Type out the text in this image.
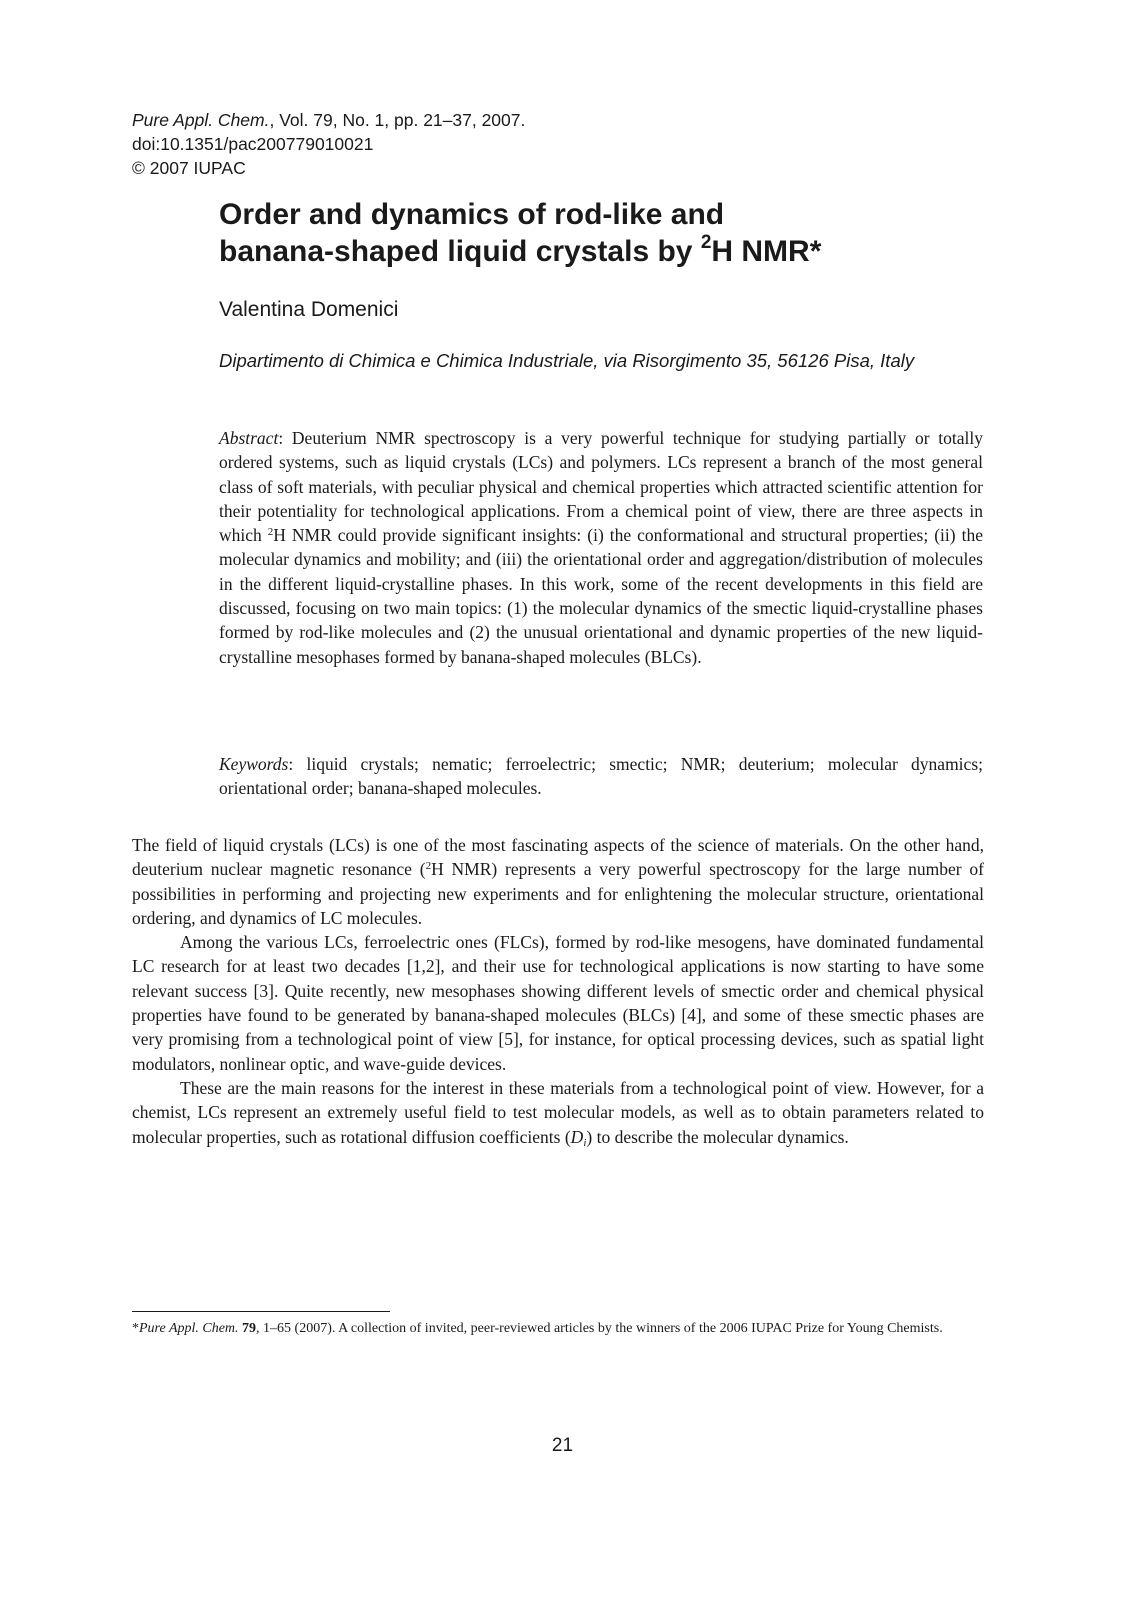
Pure Appl. Chem., Vol. 79, No. 1, pp. 21–37, 2007.
doi:10.1351/pac200779010021
© 2007 IUPAC
Order and dynamics of rod-like and
banana-shaped liquid crystals by $^2$H NMR*
Valentina Domenici
Dipartimento di Chimica e Chimica Industriale, via Risorgimento 35, 56126 Pisa, Italy

Abstract: Deuterium NMR spectroscopy is a very powerful technique for studying partially or totally ordered systems, such as liquid crystals (LCs) and polymers. LCs represent a branch of the most general class of soft materials, with peculiar physical and chemical properties which attracted scientific attention for their potentiality for technological applications. From a chemical point of view, there are three aspects in which $^2$H NMR could provide significant insights: (i) the conformational and structural properties; (ii) the molecular dynamics and mobility; and (iii) the orientational order and aggregation/distribution of molecules in the different liquid-crystalline phases. In this work, some of the recent developments in this field are discussed, focusing on two main topics: (1) the molecular dynamics of the smectic liquid-crystalline phases formed by rod-like molecules and (2) the unusual orientational and dynamic properties of the new liquid-crystalline mesophases formed by banana-shaped molecules (BLCs).

Keywords: liquid crystals; nematic; ferroelectric; smectic; NMR; deuterium; molecular dynamics; orientational order; banana-shaped molecules.

The field of liquid crystals (LCs) is one of the most fascinating aspects of the science of materials. On the other hand, deuterium nuclear magnetic resonance ($^2$H NMR) represents a very powerful spectroscopy for the large number of possibilities in performing and projecting new experiments and for enlightening the molecular structure, orientational ordering, and dynamics of LC molecules.

Among the various LCs, ferroelectric ones (FLCs), formed by rod-like mesogens, have dominated fundamental LC research for at least two decades [1,2], and their use for technological applications is now starting to have some relevant success [3]. Quite recently, new mesophases showing different levels of smectic order and chemical physical properties have found to be generated by banana-shaped molecules (BLCs) [4], and some of these smectic phases are very promising from a technological point of view [5], for instance, for optical processing devices, such as spatial light modulators, nonlinear optic, and wave-guide devices.

These are the main reasons for the interest in these materials from a technological point of view. However, for a chemist, LCs represent an extremely useful field to test molecular models, as well as to obtain parameters related to molecular properties, such as rotational diffusion coefficients $(D_i)$ to describe the molecular dynamics.

*Pure Appl. Chem. 79, 1–65 (2007). A collection of invited, peer-reviewed articles by the winners of the 2006 IUPAC Prize for Young Chemists.
21
